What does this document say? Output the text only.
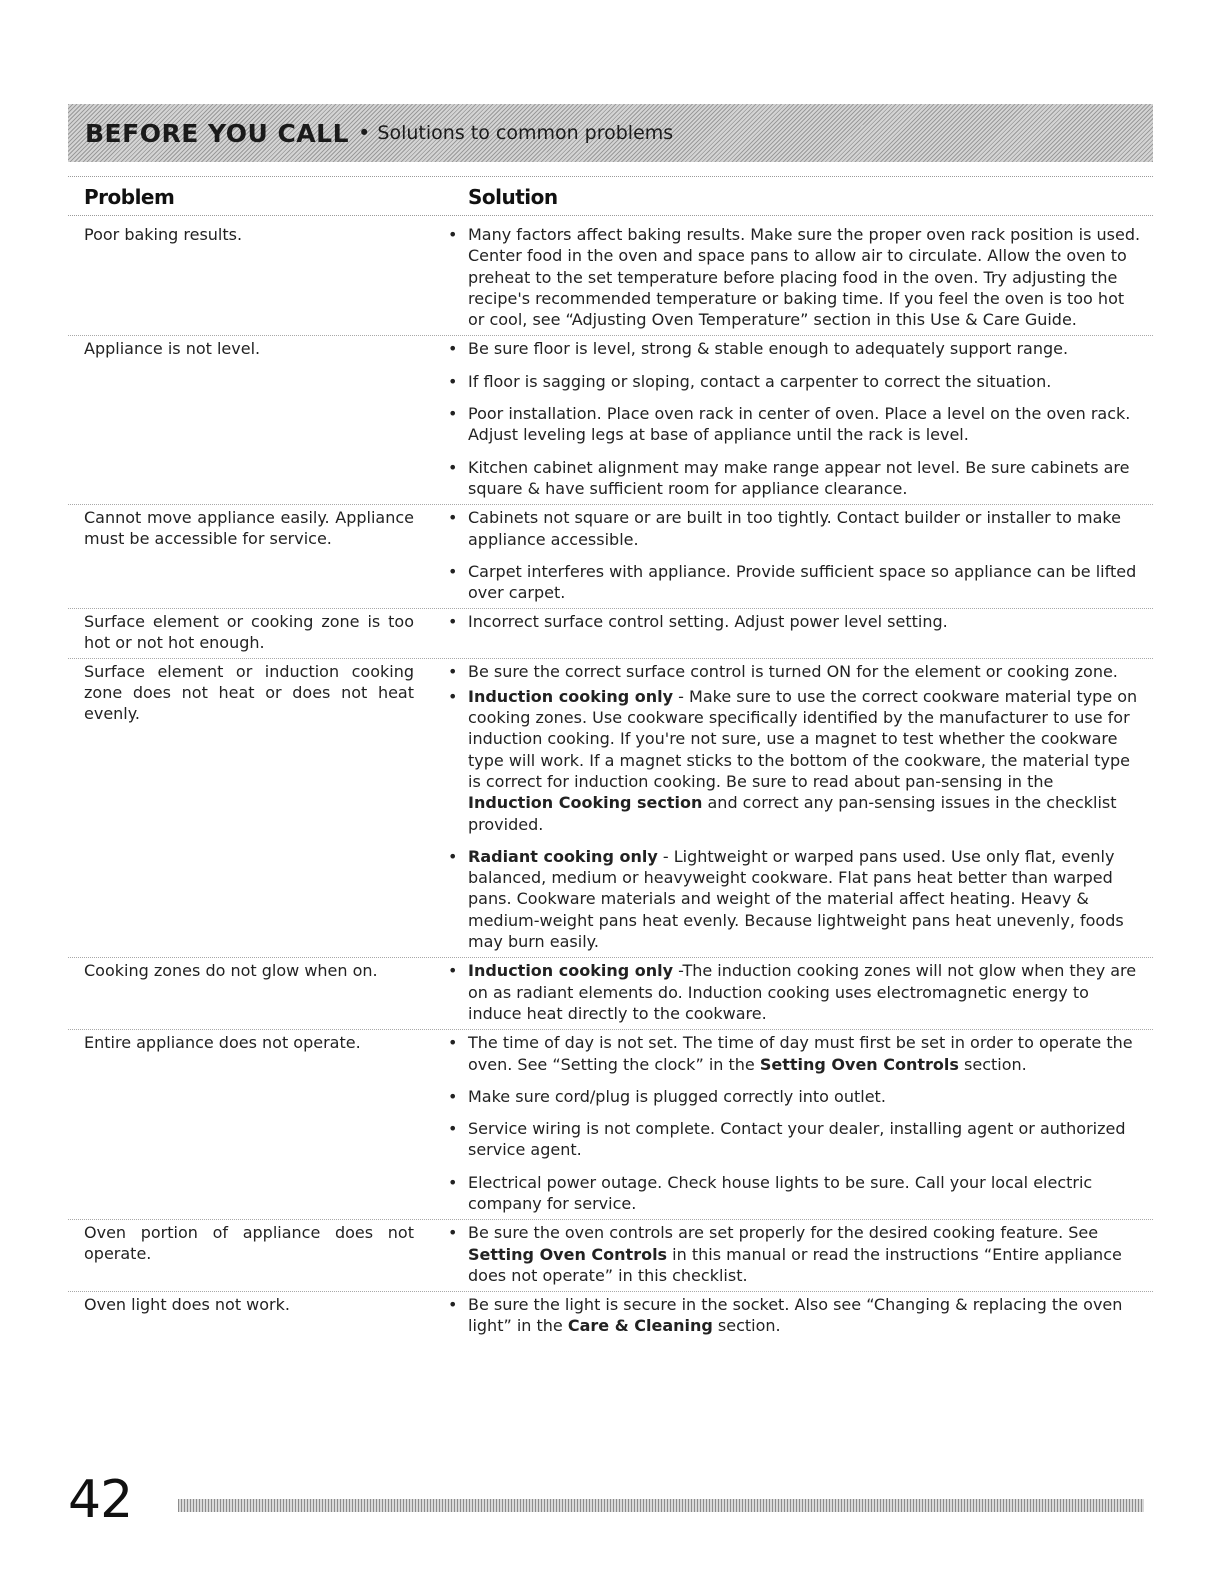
BEFORE YOU CALL • Solutions to common problems
Problem	Solution
Poor baking results.	• Many factors affect baking results. Make sure the proper oven rack position is used. Center food in the oven and space pans to allow air to circulate. Allow the oven to preheat to the set temperature before placing food in the oven. Try adjusting the recipe's recommended temperature or baking time. If you feel the oven is too hot or cool, see “Adjusting Oven Temperature” section in this Use & Care Guide.
Appliance is not level.	• Be sure floor is level, strong & stable enough to adequately support range.
• If floor is sagging or sloping, contact a carpenter to correct the situation.
• Poor installation. Place oven rack in center of oven. Place a level on the oven rack. Adjust leveling legs at base of appliance until the rack is level.
• Kitchen cabinet alignment may make range appear not level. Be sure cabinets are square & have sufficient room for appliance clearance.
Cannot move appliance easily. Appliance must be accessible for service.
• Cabinets not square or are built in too tightly. Contact builder or installer to make appliance accessible.
• Carpet interferes with appliance. Provide sufficient space so appliance can be lifted over carpet.
Surface element or cooking zone is too hot or not hot enough.
• Incorrect surface control setting. Adjust power level setting.
Surface element or induction cooking zone does not heat or does not heat evenly.
• Be sure the correct surface control is turned ON for the element or cooking zone.
• Induction cooking only - Make sure to use the correct cookware material type on cooking zones. Use cookware specifically identified by the manufacturer to use for induction cooking. If you're not sure, use a magnet to test whether the cookware type will work. If a magnet sticks to the bottom of the cookware, the material type is correct for induction cooking. Be sure to read about pan-sensing in the Induction Cooking section and correct any pan-sensing issues in the checklist provided.
• Radiant cooking only - Lightweight or warped pans used. Use only flat, evenly balanced, medium or heavyweight cookware. Flat pans heat better than warped pans. Cookware materials and weight of the material affect heating. Heavy & medium-weight pans heat evenly. Because lightweight pans heat unevenly, foods may burn easily.
Cooking zones do not glow when on.	• Induction cooking only -The induction cooking zones will not glow when they are on as radiant elements do. Induction cooking uses electromagnetic energy to induce heat directly to the cookware.
Entire appliance does not operate.	• The time of day is not set. The time of day must first be set in order to operate the oven. See “Setting the clock” in the Setting Oven Controls section.
• Make sure cord/plug is plugged correctly into outlet.
• Service wiring is not complete. Contact your dealer, installing agent or authorized service agent.
• Electrical power outage. Check house lights to be sure. Call your local electric company for service.
Oven portion of appliance does not operate.
• Be sure the oven controls are set properly for the desired cooking feature. See Setting Oven Controls in this manual or read the instructions “Entire appliance does not operate” in this checklist.
Oven light does not work.	• Be sure the light is secure in the socket. Also see “Changing & replacing the oven light” in the Care & Cleaning section.
42
